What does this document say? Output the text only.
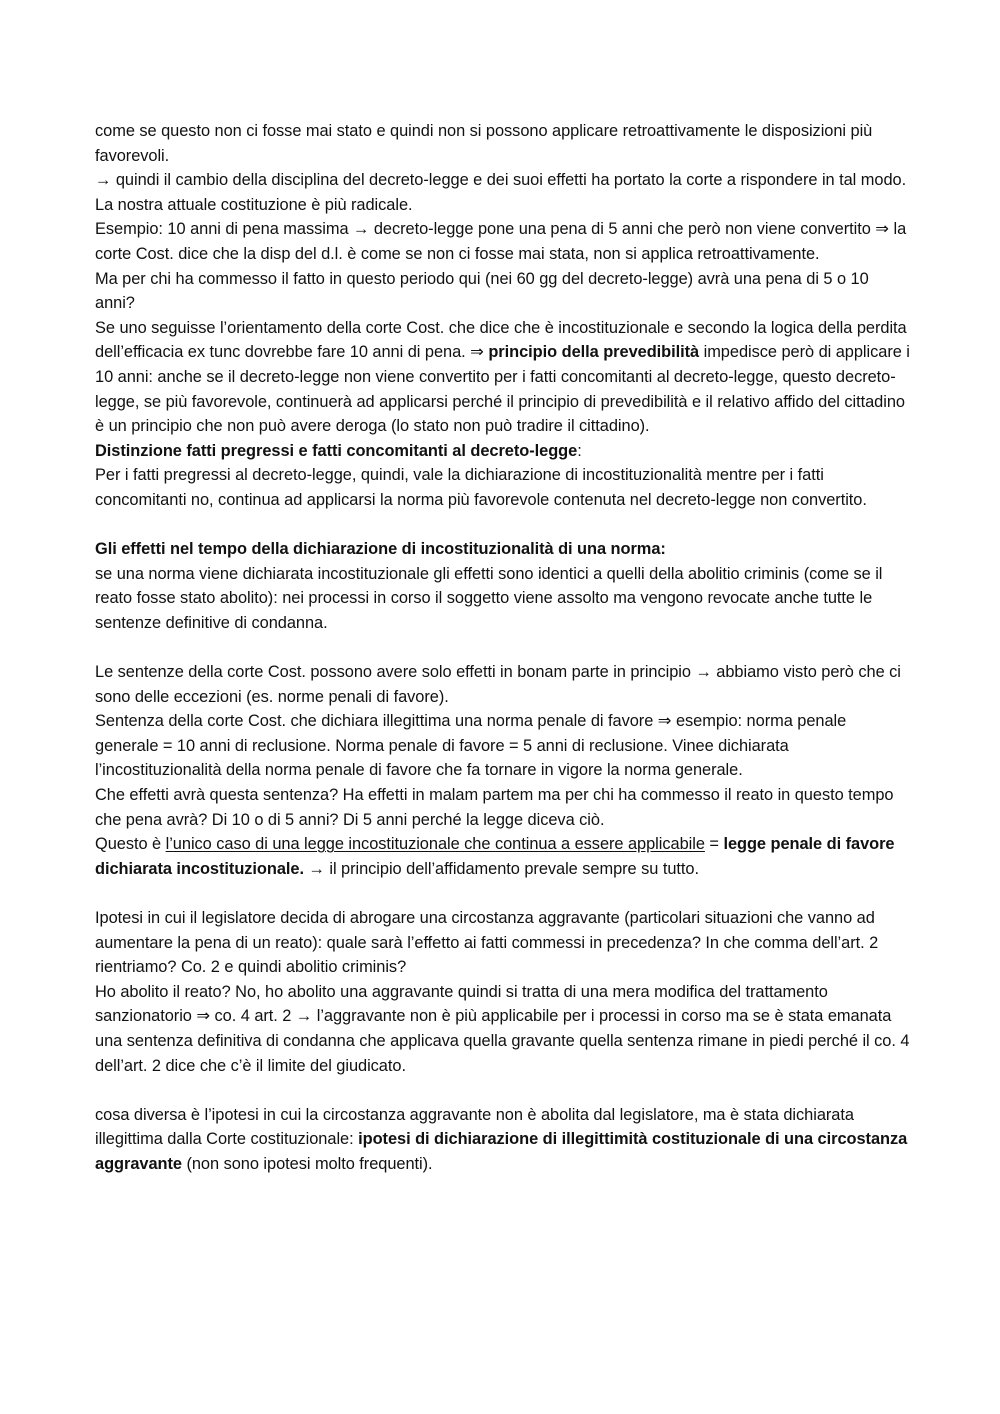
come se questo non ci fosse mai stato e quindi non si possono applicare retroattivamente le disposizioni più favorevoli.

→ quindi il cambio della disciplina del decreto-legge e dei suoi effetti ha portato la corte a rispondere in tal modo.

La nostra attuale costituzione è più radicale.

Esempio: 10 anni di pena massima → decreto-legge pone una pena di 5 anni che però non viene convertito ⇒ la corte Cost. dice che la disp del d.l. è come se non ci fosse mai stata, non si applica retroattivamente.

Ma per chi ha commesso il fatto in questo periodo qui (nei 60 gg del decreto-legge) avrà una pena di 5 o 10 anni?

Se uno seguisse l’orientamento della corte Cost. che dice che è incostituzionale e secondo la logica della perdita dell’efficacia ex tunc dovrebbe fare 10 anni di pena. ⇒ principio della prevedibilità impedisce però di applicare i 10 anni: anche se il decreto-legge non viene convertito per i fatti concomitanti al decreto-legge, questo decreto-legge, se più favorevole, continuerà ad applicarsi perché il principio di prevedibilità e il relativo affido del cittadino è un principio che non può avere deroga (lo stato non può tradire il cittadino).

Distinzione fatti pregressi e fatti concomitanti al decreto-legge:

Per i fatti pregressi al decreto-legge, quindi, vale la dichiarazione di incostituzionalità mentre per i fatti concomitanti no, continua ad applicarsi la norma più favorevole contenuta nel decreto-legge non convertito.

Gli effetti nel tempo della dichiarazione di incostituzionalità di una norma:

se una norma viene dichiarata incostituzionale gli effetti sono identici a quelli della abolitio criminis (come se il reato fosse stato abolito): nei processi in corso il soggetto viene assolto ma vengono revocate anche tutte le sentenze definitive di condanna.

Le sentenze della corte Cost. possono avere solo effetti in bonam parte in principio → abbiamo visto però che ci sono delle eccezioni (es. norme penali di favore).

Sentenza della corte Cost. che dichiara illegittima una norma penale di favore ⇒ esempio: norma penale generale = 10 anni di reclusione. Norma penale di favore = 5 anni di reclusione. Vinee dichiarata l’incostituzionalità della norma penale di favore che fa tornare in vigore la norma generale.

Che effetti avrà questa sentenza? Ha effetti in malam partem ma per chi ha commesso il reato in questo tempo che pena avrà? Di 10 o di 5 anni? Di 5 anni perché la legge diceva ciò.

Questo è l’unico caso di una legge incostituzionale che continua a essere applicabile = legge penale di favore dichiarata incostituzionale. → il principio dell’affidamento prevale sempre su tutto.

Ipotesi in cui il legislatore decida di abrogare una circostanza aggravante (particolari situazioni che vanno ad aumentare la pena di un reato): quale sarà l’effetto ai fatti commessi in precedenza? In che comma dell’art. 2 rientriamo? Co. 2 e quindi abolitio criminis?

Ho abolito il reato? No, ho abolito una aggravante quindi si tratta di una mera modifica del trattamento sanzionatorio ⇒ co. 4 art. 2 → l’aggravante non è più applicabile per i processi in corso ma se è stata emanata una sentenza definitiva di condanna che applicava quella gravante quella sentenza rimane in piedi perché il co. 4 dell’art. 2 dice che c’è il limite del giudicato.

cosa diversa è l’ipotesi in cui la circostanza aggravante non è abolita dal legislatore, ma è stata dichiarata illegittima dalla Corte costituzionale: ipotesi di dichiarazione di illegittimità costituzionale di una circostanza aggravante (non sono ipotesi molto frequenti).
